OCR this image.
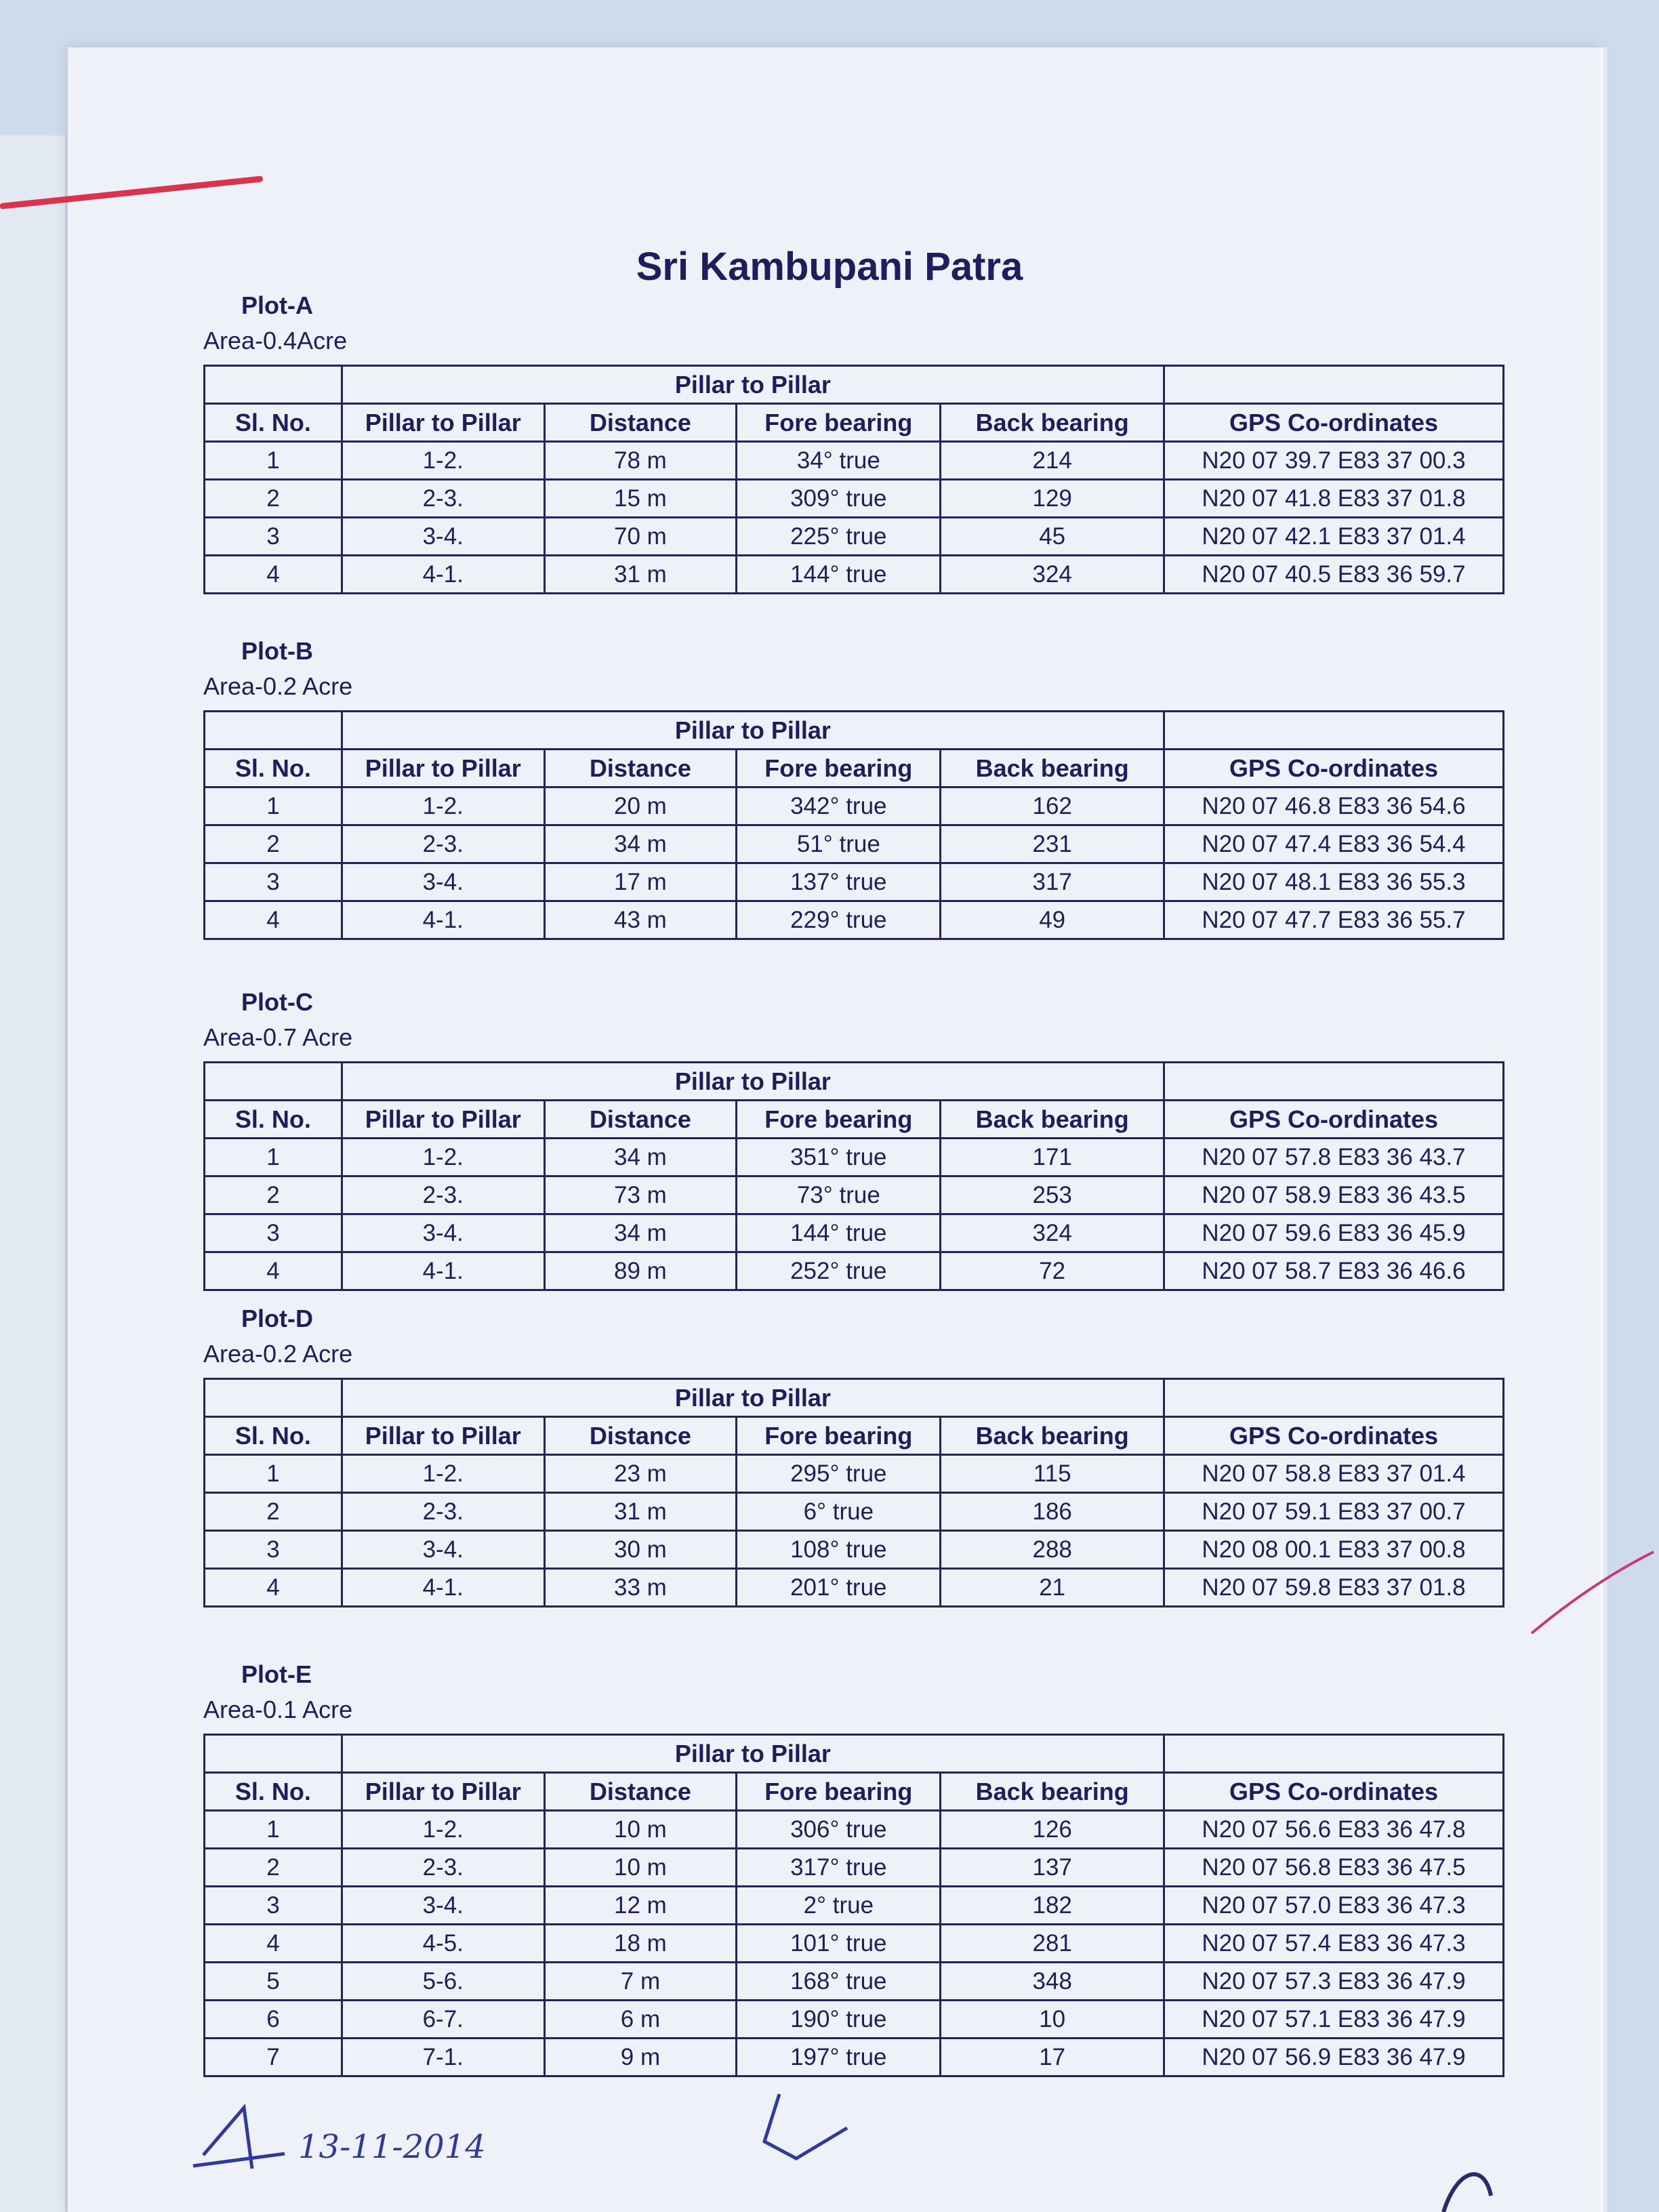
Sri Kambupani Patra
Plot-A
Area-0.4Acre
	Pillar to Pillar				
Sl. No.	Pillar to Pillar	Distance	Fore bearing	Back bearing	GPS Co-ordinates
1	1-2.	78 m	34° true	214	N20 07 39.7 E83 37 00.3
2	2-3.	15 m	309° true	129	N20 07 41.8 E83 37 01.8
3	3-4.	70 m	225° true	45	N20 07 42.1 E83 37 01.4
4	4-1.	31 m	144° true	324	N20 07 40.5 E83 36 59.7
Plot-B
Area-0.2 Acre
	Pillar to Pillar				
Sl. No.	Pillar to Pillar	Distance	Fore bearing	Back bearing	GPS Co-ordinates
1	1-2.	20 m	342° true	162	N20 07 46.8 E83 36 54.6
2	2-3.	34 m	51° true	231	N20 07 47.4 E83 36 54.4
3	3-4.	17 m	137° true	317	N20 07 48.1 E83 36 55.3
4	4-1.	43 m	229° true	49	N20 07 47.7 E83 36 55.7
Plot-C
Area-0.7 Acre
	Pillar to Pillar				
Sl. No.	Pillar to Pillar	Distance	Fore bearing	Back bearing	GPS Co-ordinates
1	1-2.	34 m	351° true	171	N20 07 57.8 E83 36 43.7
2	2-3.	73 m	73° true	253	N20 07 58.9 E83 36 43.5
3	3-4.	34 m	144° true	324	N20 07 59.6 E83 36 45.9
4	4-1.	89 m	252° true	72	N20 07 58.7 E83 36 46.6
Plot-D
Area-0.2 Acre
	Pillar to Pillar				
Sl. No.	Pillar to Pillar	Distance	Fore bearing	Back bearing	GPS Co-ordinates
1	1-2.	23 m	295° true	115	N20 07 58.8 E83 37 01.4
2	2-3.	31 m	6° true	186	N20 07 59.1 E83 37 00.7
3	3-4.	30 m	108° true	288	N20 08 00.1 E83 37 00.8
4	4-1.	33 m	201° true	21	N20 07 59.8 E83 37 01.8
Plot-E
Area-0.1 Acre
	Pillar to Pillar				
Sl. No.	Pillar to Pillar	Distance	Fore bearing	Back bearing	GPS Co-ordinates
1	1-2.	10 m	306° true	126	N20 07 56.6 E83 36 47.8
2	2-3.	10 m	317° true	137	N20 07 56.8 E83 36 47.5
3	3-4.	12 m	2° true	182	N20 07 57.0 E83 36 47.3
4	4-5.	18 m	101° true	281	N20 07 57.4 E83 36 47.3
5	5-6.	7 m	168° true	348	N20 07 57.3 E83 36 47.9
6	6-7.	6 m	190° true	10	N20 07 57.1 E83 36 47.9
7	7-1.	9 m	197° true	17	N20 07 56.9 E83 36 47.9
13-11-2014
